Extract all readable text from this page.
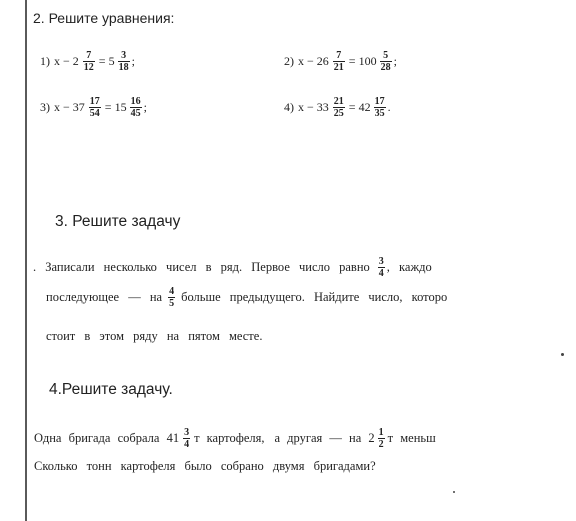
2. Решите уравнения:
1) $x - 2 \frac{7}{12} = 5 \frac{3}{18}$ ;	2) $x - 26 \frac{7}{21} = 100 \frac{5}{28}$ ;
3) $x - 37 \frac{17}{54} = 15 \frac{16}{45}$ ;	4) $x - 33 \frac{21}{25} = 42 \frac{17}{35}$ .
3. Решите задачу
. Записали несколько чисел в ряд. Первое число равно $\frac{3}{4}$ , каждо
последующее — на $\frac{4}{5}$ больше предыдущего. Найдите число, которо
стоит в этом ряду на пятом месте.
4.Решите задачу.
Одна бригада собрала $41 \frac{3}{4}$ т картофеля, а другая — на $2 \frac{1}{2}$ т меньш
Сколько тонн картофеля было собрано двумя бригадами?
